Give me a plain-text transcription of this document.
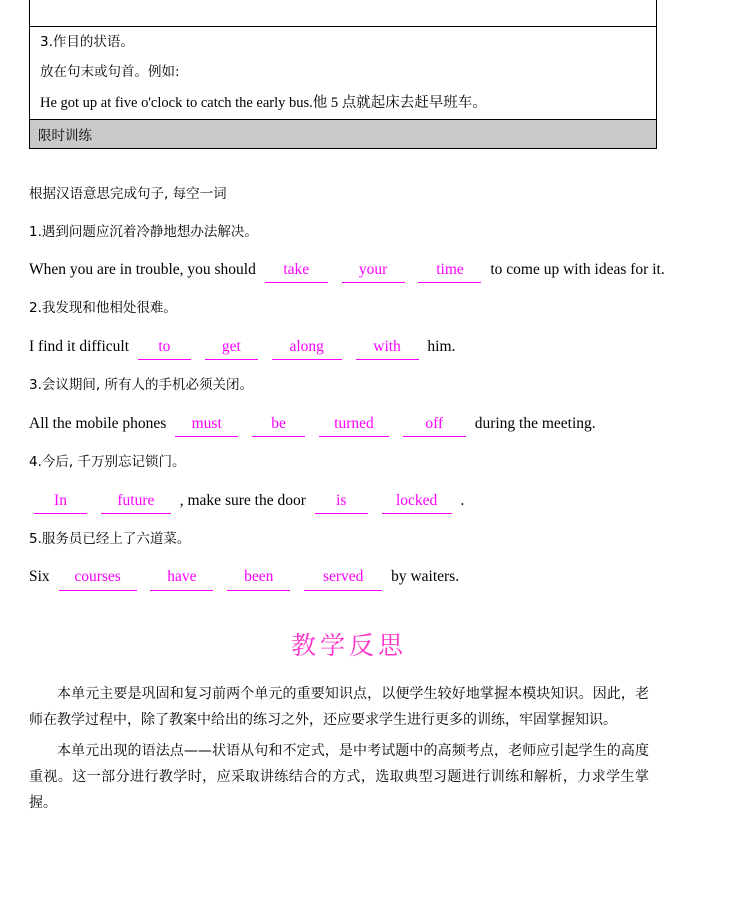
3.作目的状语。
放在句末或句首。例如:
He got up at five o'clock to catch the early bus.他 5 点就起床去赶早班车。
限时训练

根据汉语意思完成句子, 每空一词

1.遇到问题应沉着冷静地想办法解决。

When you are in trouble, you should take	your	time to come up with ideas for it.

2.我发现和他相处很难。

I find it difficult to	get	along	with him.

3.会议期间, 所有人的手机必须关闭。

All the mobile phones must	be	turned	off during the meeting.

4.今后, 千万别忘记锁门。

In	future , make sure the door is	locked .

5.服务员已经上了六道菜。

Six courses	have	been	served by waiters.

教学反思

本单元主要是巩固和复习前两个单元的重要知识点，以便学生较好地掌握本模块知识。因此，老师在教学过程中，除了教案中给出的练习之外，还应要求学生进行更多的训练，牢固掌握知识。

本单元出现的语法点——状语从句和不定式，是中考试题中的高频考点，老师应引起学生的高度重视。这一部分进行教学时，应采取讲练结合的方式，选取典型习题进行训练和解析，力求学生掌握。
